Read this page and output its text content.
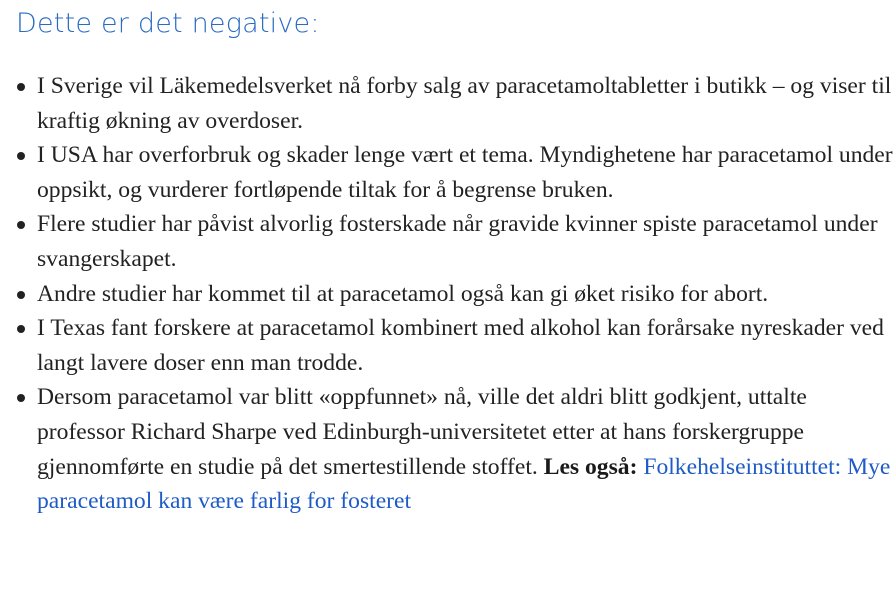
Dette er det negative:
I Sverige vil Läkemedelsverket nå forby salg av paracetamoltabletter i butikk – og viser til kraftig økning av overdoser.
I USA har overforbruk og skader lenge vært et tema. Myndighetene har paracetamol under oppsikt, og vurderer fortløpende tiltak for å begrense bruken.
Flere studier har påvist alvorlig fosterskade når gravide kvinner spiste paracetamol under svangerskapet.
Andre studier har kommet til at paracetamol også kan gi øket risiko for abort.
I Texas fant forskere at paracetamol kombinert med alkohol kan forårsake nyreskader ved langt lavere doser enn man trodde.
Dersom paracetamol var blitt «oppfunnet» nå, ville det aldri blitt godkjent, uttalte professor Richard Sharpe ved Edinburgh-universitetet etter at hans forskergruppe gjennomførte en studie på det smertestillende stoffet. Les også: Folkehelseinstituttet: Mye paracetamol kan være farlig for fosteret
